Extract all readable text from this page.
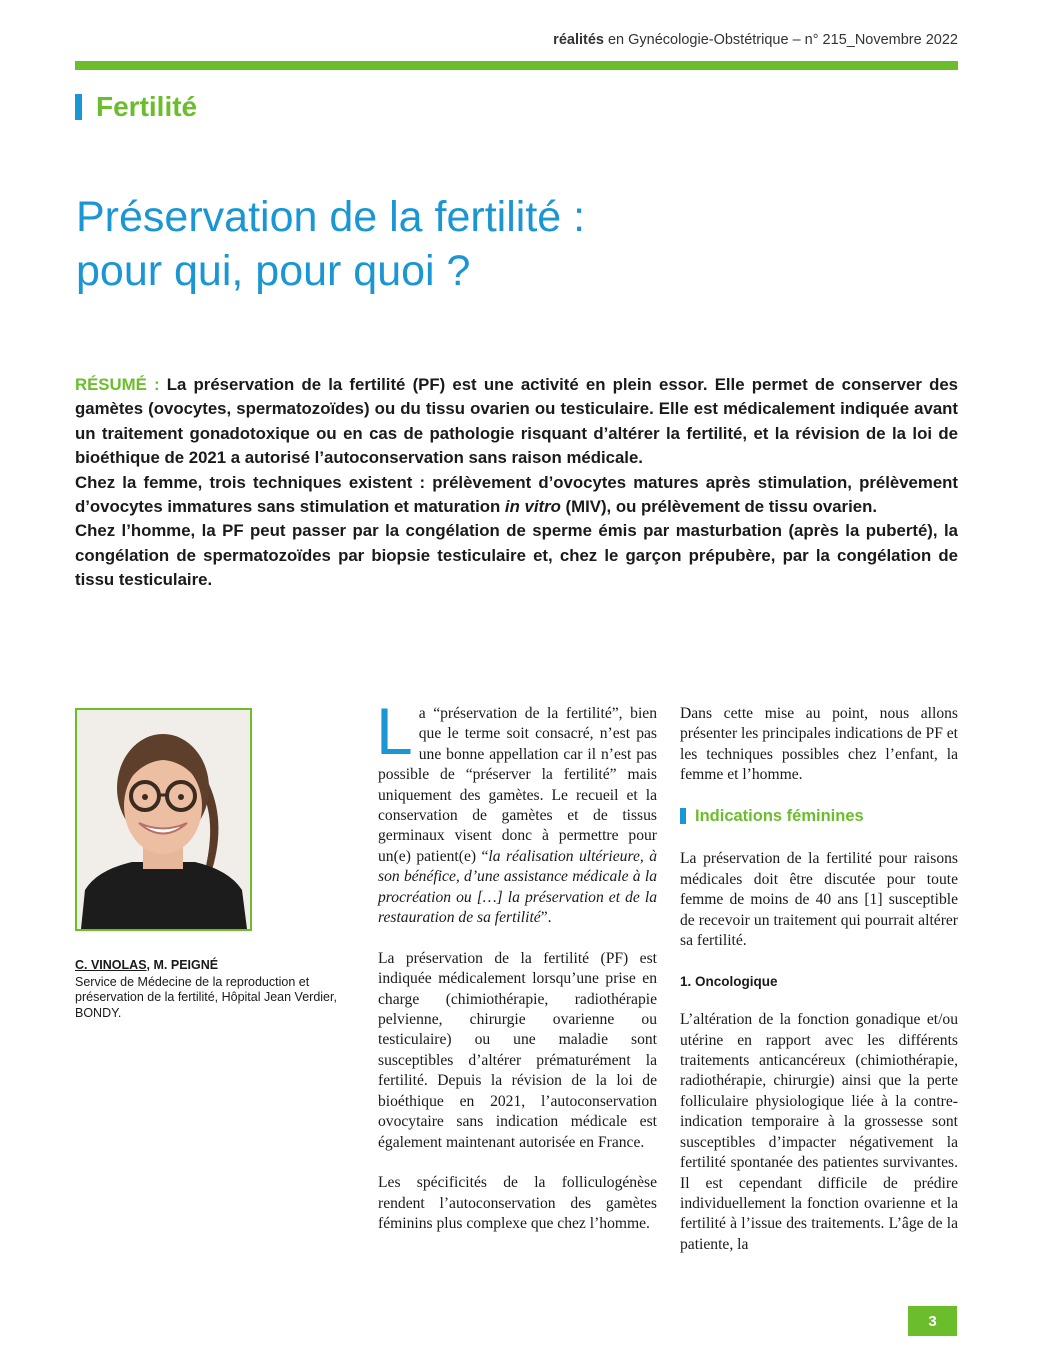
réalités en Gynécologie-Obstétrique – n° 215_Novembre 2022
Fertilité
Préservation de la fertilité :
pour qui, pour quoi ?

RÉSUMÉ : La préservation de la fertilité (PF) est une activité en plein essor. Elle permet de conserver des gamètes (ovocytes, spermatozoïdes) ou du tissu ovarien ou testiculaire. Elle est médicalement indiquée avant un traitement gonadotoxique ou en cas de pathologie risquant d’altérer la fertilité, et la révision de la loi de bioéthique de 2021 a autorisé l’autoconservation sans raison médicale.

Chez la femme, trois techniques existent : prélèvement d’ovocytes matures après stimulation, prélèvement d’ovocytes immatures sans stimulation et maturation in vitro (MIV), ou prélèvement de tissu ovarien.

Chez l’homme, la PF peut passer par la congélation de sperme émis par masturbation (après la puberté), la congélation de spermatozoïdes par biopsie testiculaire et, chez le garçon prépubère, par la congélation de tissu testiculaire.

C. VINOLAS, M. PEIGNÉ
Service de Médecine de la reproduction et préservation de la fertilité, Hôpital Jean Verdier, BONDY.

La “préservation de la fertilité”, bien que le terme soit consacré, n’est pas une bonne appellation car il n’est pas possible de “préserver la fertilité” mais uniquement des gamètes. Le recueil et la conservation de gamètes et de tissus germinaux visent donc à permettre pour un(e) patient(e) “la réalisation ultérieure, à son bénéfice, d’une assistance médicale à la procréation ou […] la préservation et de la restauration de sa fertilité”.

La préservation de la fertilité (PF) est indiquée médicalement lorsqu’une prise en charge (chimiothérapie, radiothérapie pelvienne, chirurgie ovarienne ou testiculaire) ou une maladie sont susceptibles d’altérer prématurément la fertilité. Depuis la révision de la loi de bioéthique en 2021, l’autoconservation ovocytaire sans indication médicale est également maintenant autorisée en France.

Les spécificités de la folliculogénèse rendent l’autoconservation des gamètes féminins plus complexe que chez l’homme.

Dans cette mise au point, nous allons présenter les principales indications de PF et les techniques possibles chez l’enfant, la femme et l’homme.

Indications féminines

La préservation de la fertilité pour raisons médicales doit être discutée pour toute femme de moins de 40 ans [1] susceptible de recevoir un traitement qui pourrait altérer sa fertilité.

1. Oncologique

L’altération de la fonction gonadique et/ou utérine en rapport avec les différents traitements anticancéreux (chimiothérapie, radiothérapie, chirurgie) ainsi que la perte folliculaire physiologique liée à la contre-indication temporaire à la grossesse sont susceptibles d’impacter négativement la fertilité spontanée des patientes survivantes. Il est cependant difficile de prédire individuellement la fonction ovarienne et la fertilité à l’issue des traitements. L’âge de la patiente, la

3
